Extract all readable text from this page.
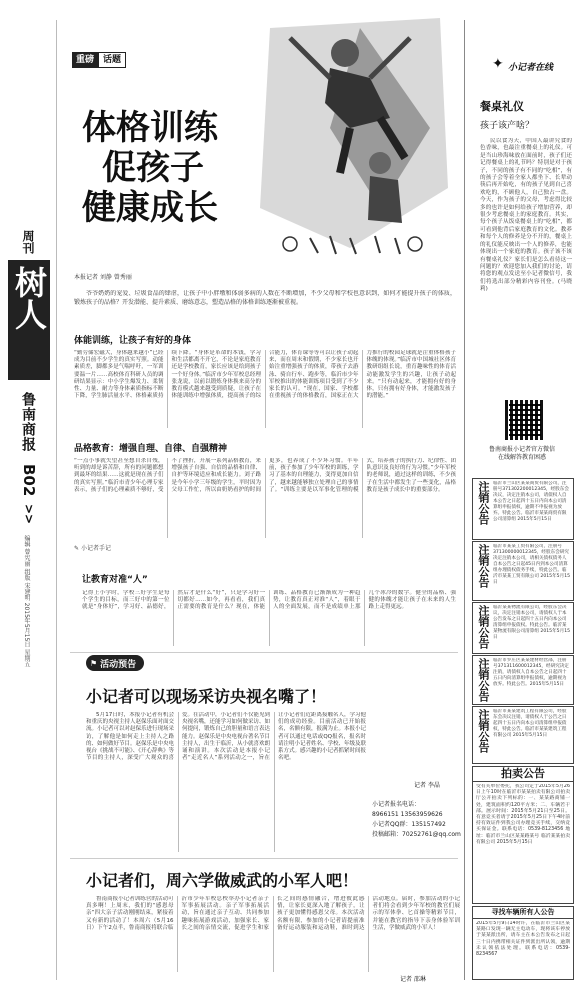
周刊
树人
鲁南商报
B02
>>
编辑 曾宪丽 组版 宋建明 2015年5月15日 星期五
重磅	话题
体格训练
促孩子
健康成长
本报记者 刘静 曾秀丽
爷爷奶奶的宠爱、垃圾食品的肆虐，让孩子中小胖墩和体弱多病的人数在不断增加，不少父母和学校也意识到，如何才能提升孩子的体质，锻炼孩子的品格？开发潜能、提升素质、磨练意志，塑造品格的体格训练逐渐被重视。
体能训练，让孩子有好的身体
“勤劳储宏磁大，身体越来越小”已经成为目前不少学生的真实写照。动能素质差，脚都多是气喘呼吁，一军训要温一片……高校体育科研人员的调研结果显示：中小学生爆发力、柔韧性、力量、耐力等身体素质指标不断下降，学生肺活量水平、体格素质持续下降。“身体是革命的本钱，学习和生活都离不开它，不论是家庭教育还是学校教育，家长应该是给到孩子一个好身体。”临沂市少年军校总经理张龙说，以前以锻炼身体换来高分的教育模式越来越受到质疑，让孩子在体能训练中增强体质，提高孩子的综合能力，体育课等等可以让孩子动起来，而在周末和假期，不少家长也开始注重增强孩子的体质，带孩子去游泳、骑自行车、跑步等，临沂市少年军校推出的体能训练项目受到了不少家长的认可。“现在，国家、学校都在重视孩子的体格教育，国家正在大力推行的校园足球就是注重体格孩子体魄的体现。”临沂市中国城社区体育教研组组长说，重育趣味性的体育活动能激发学生的兴趣，让孩子动起来。“只有动起来，才能拥有好的身体，只有拥有好身体，才能激发孩子的潜能。”
品格教育：增强自理、自律、自强精神
“一点小事就失望甚至想自杀自残，听到的却是诉苦辞，所有的问题都想到最坏的结果……这就是现在孩子们的真实写照。”临沂市青少年心理专家表示，孩子们的心理素质不够好，受不了挫折，开展一系列品格教育，来增强孩子自强、自信的品格和自律、自护等环境适应和成长能力。刘子路是今年小学三年级的学生，平时因为父母工作忙，所以由奶奶看护的时间更多，也养成了不少坏习惯。半年前，孩子参加了少年军校的训练，学习了基本的自理能力，变得更加自信了，越来越能够独立处理自己的事情了。“训练主要是以军事化管理的模式，培养孩子的执行力、纪律性、团队意识及良好的行为习惯。”少年军校的老师说，通过这样的训练，不少孩子在生活中都发生了一些变化，品格教育是孩子成长中的重要部分。
✎ 小记者手记
让教育对准“人”
记得上小学时，学校三好学生是每个学生的目标，而三好中的第一位就是“身体好”，学习好、品德好，然后才是什么“好”，只是学习好一切都好……如今，再看看，我们真正需要的教育是什么？现在，体能训练、品格教育已渐渐成为一种趋势，让教育真正对准“人”，着眼于人的全面发展，而不是成绩单上那几个冰冷的数字。健全的品格、强健的体魄才能让孩子在未来的人生路上走得更远。
✦ 小记者在线
餐桌礼仪
孩子该产啥？
民以食为天，中国人最讲究食的色香味，也最注重餐桌上的礼仪。可是当山珍海味放在面前时，孩子们还记得餐桌上的礼节吗？特别是对于孩子，不同的孩子有不同的“吃相”，有的孩子会等着全家人都坐下、长辈动筷后再开始吃，有的孩子见到自己喜欢吃的，不顾他人，自己独占一盘。今天，作为孩子的父母，考虑得比较多的也许是如何给孩子增加营养，却很少考虑餐桌上的家庭教育。其实，每个孩子从饭桌餐桌上的“吃相”，都可看到他背后家庭教育的文化。教养和每个人的修养是分不开的，餐桌上的礼仪能反映出一个人的修养，也能体现出一个家庭的教育。孩子该不该有餐桌礼仪？家长们是怎么看待这一问题的？欢迎您加入我们的讨论，请将您的观点发送至小记者微信号，我们将选出部分精彩内容刊登。(马晓莉)
鲁南商报小记者官方微信
在线解答教育困惑
注销公告 临沂市兰山区某某商贸有限公司，注册号371302200012345，经股东会决议，决定注销本公司，请债权人自本公告之日起四十五日内向本公司清算组申报债权，逾期不申报视为放弃。特此公告。临沂市某某商贸有限公司清算组 2015年5月15日
注销公告 临沂市某某工贸有限公司，注册号371300000012345，经股东会研究决定注销本公司，请相关债权债务人自本公告之日起45日内到本公司清算组办理债权债务手续，特此公告。临沂市某某工贸有限公司 2015年5月15日
注销公告 临沂某某物流有限公司，经股东会决议，决定注销本公司，请债权人于本公告发布之日起四十五日内向本公司清算组申报债权。特此公告。临沂某某物流有限公司清算组 2015年5月15日
注销公告 临沂市罗庄区某某建材经营部，注册号371311600012345，经研究决定注销，请债权人自本公告之日起四十五日内向清算组申报债权，逾期视为放弃。特此公告。2015年5月15日
注销公告 临沂市某某建筑工程有限公司，经股东会决议注销，请债权人于公告之日起四十五日内向本公司清算组申报债权，特此公告。临沂市某某建筑工程有限公司 2015年5月15日
拍卖公告
受有关单位委托，我公司定于2015年5月26日上午10时在临沂市某某拍卖有限公司拍卖厅公开拍卖下列标的：一、某某路商铺一处，建筑面积约120平方米；二、车辆若干部。展示时间：2015年5月21日至25日。有意竞买者请于2015年5月25日下午4时前持有效证件到我公司办理竞买手续，交纳竞买保证金。联系电话：0539-8123456 地址：临沂市兰山区某某路某号 临沂某某拍卖有限公司 2015年5月15日
寻找车辆所有人公告
2015年5月9日14时许，在临沂市兰山区某某路口发现一辆无主电动车，现将该车停放于某某派出所，请车主在本公告发布之日起三十日内携带相关证件到派出所认领，逾期未认领依法处理。联系电话：0539-8234567
⚑ 活动预告
小记者可以现场采访央视名嘴了！
5月17日时，本报小记者有机会和重庆的央视主持人赵保乐面对面交流。小记者可以对赵保乐进行现场采访，了解他是如何走上主持人之路的、如何做好节目。赵保乐是中央电视台《挑战不可能》、《开心辞典》等节目的主持人，深受广大观众的喜爱。在活动中，小记者们不仅能见到央视名嘴，还能学习如何做采访、如何提问，锻炼自己的胆量和语言表达能力。赵保乐是中央电视台著名节目主持人，出生于临沂，从小就喜欢朗诵和演讲。本次活动是本报小记者“走近名人”系列活动之一，旨在让小记者们近距离接触名人，学习他们的成功经验。目前活动已开始报名，名额有限，报满为止。本报小记者可以通过电话或QQ报名，报名时请注明小记者姓名、学校、年级及联系方式。感兴趣的小记者抓紧时间报名吧。
小记者报名电话：
8966151 13563959626
小记者QQ群：135157492
投稿邮箱：70252761@qq.com
记者 李晶
小记者们，周六学做威武的小军人吧！
鲁南商报小记者训练营的活动可真多啊！上周末，我们的“感恩母亲”四大亲子活动刚刚结束，紧接着又有新的活动了！本周六（5月16日）下午2点半，鲁南商报将联合临沂市少年军校总校举办小记者亲子军事拓展活动。亲子军事拓展活动，旨在通过亲子互动、共同参加趣味拓展游戏活动，加强家长、家长之间的亲情交流，促进学生和家长之间的感情融合，增进彼此感情，让家长更深入地了解孩子，让孩子更加懂得感恩父母。本次活动名额有限，参加的小记者请提前准备好运动服装和运动鞋，准时到达活动地点。届时，参加活动的小记者们将会看到少年军校的教官们展示的军体拳、匕首操等精彩节目，并能在教官的指导下亲身体验军训生活，学做威武的小军人！
记者 邵琳
